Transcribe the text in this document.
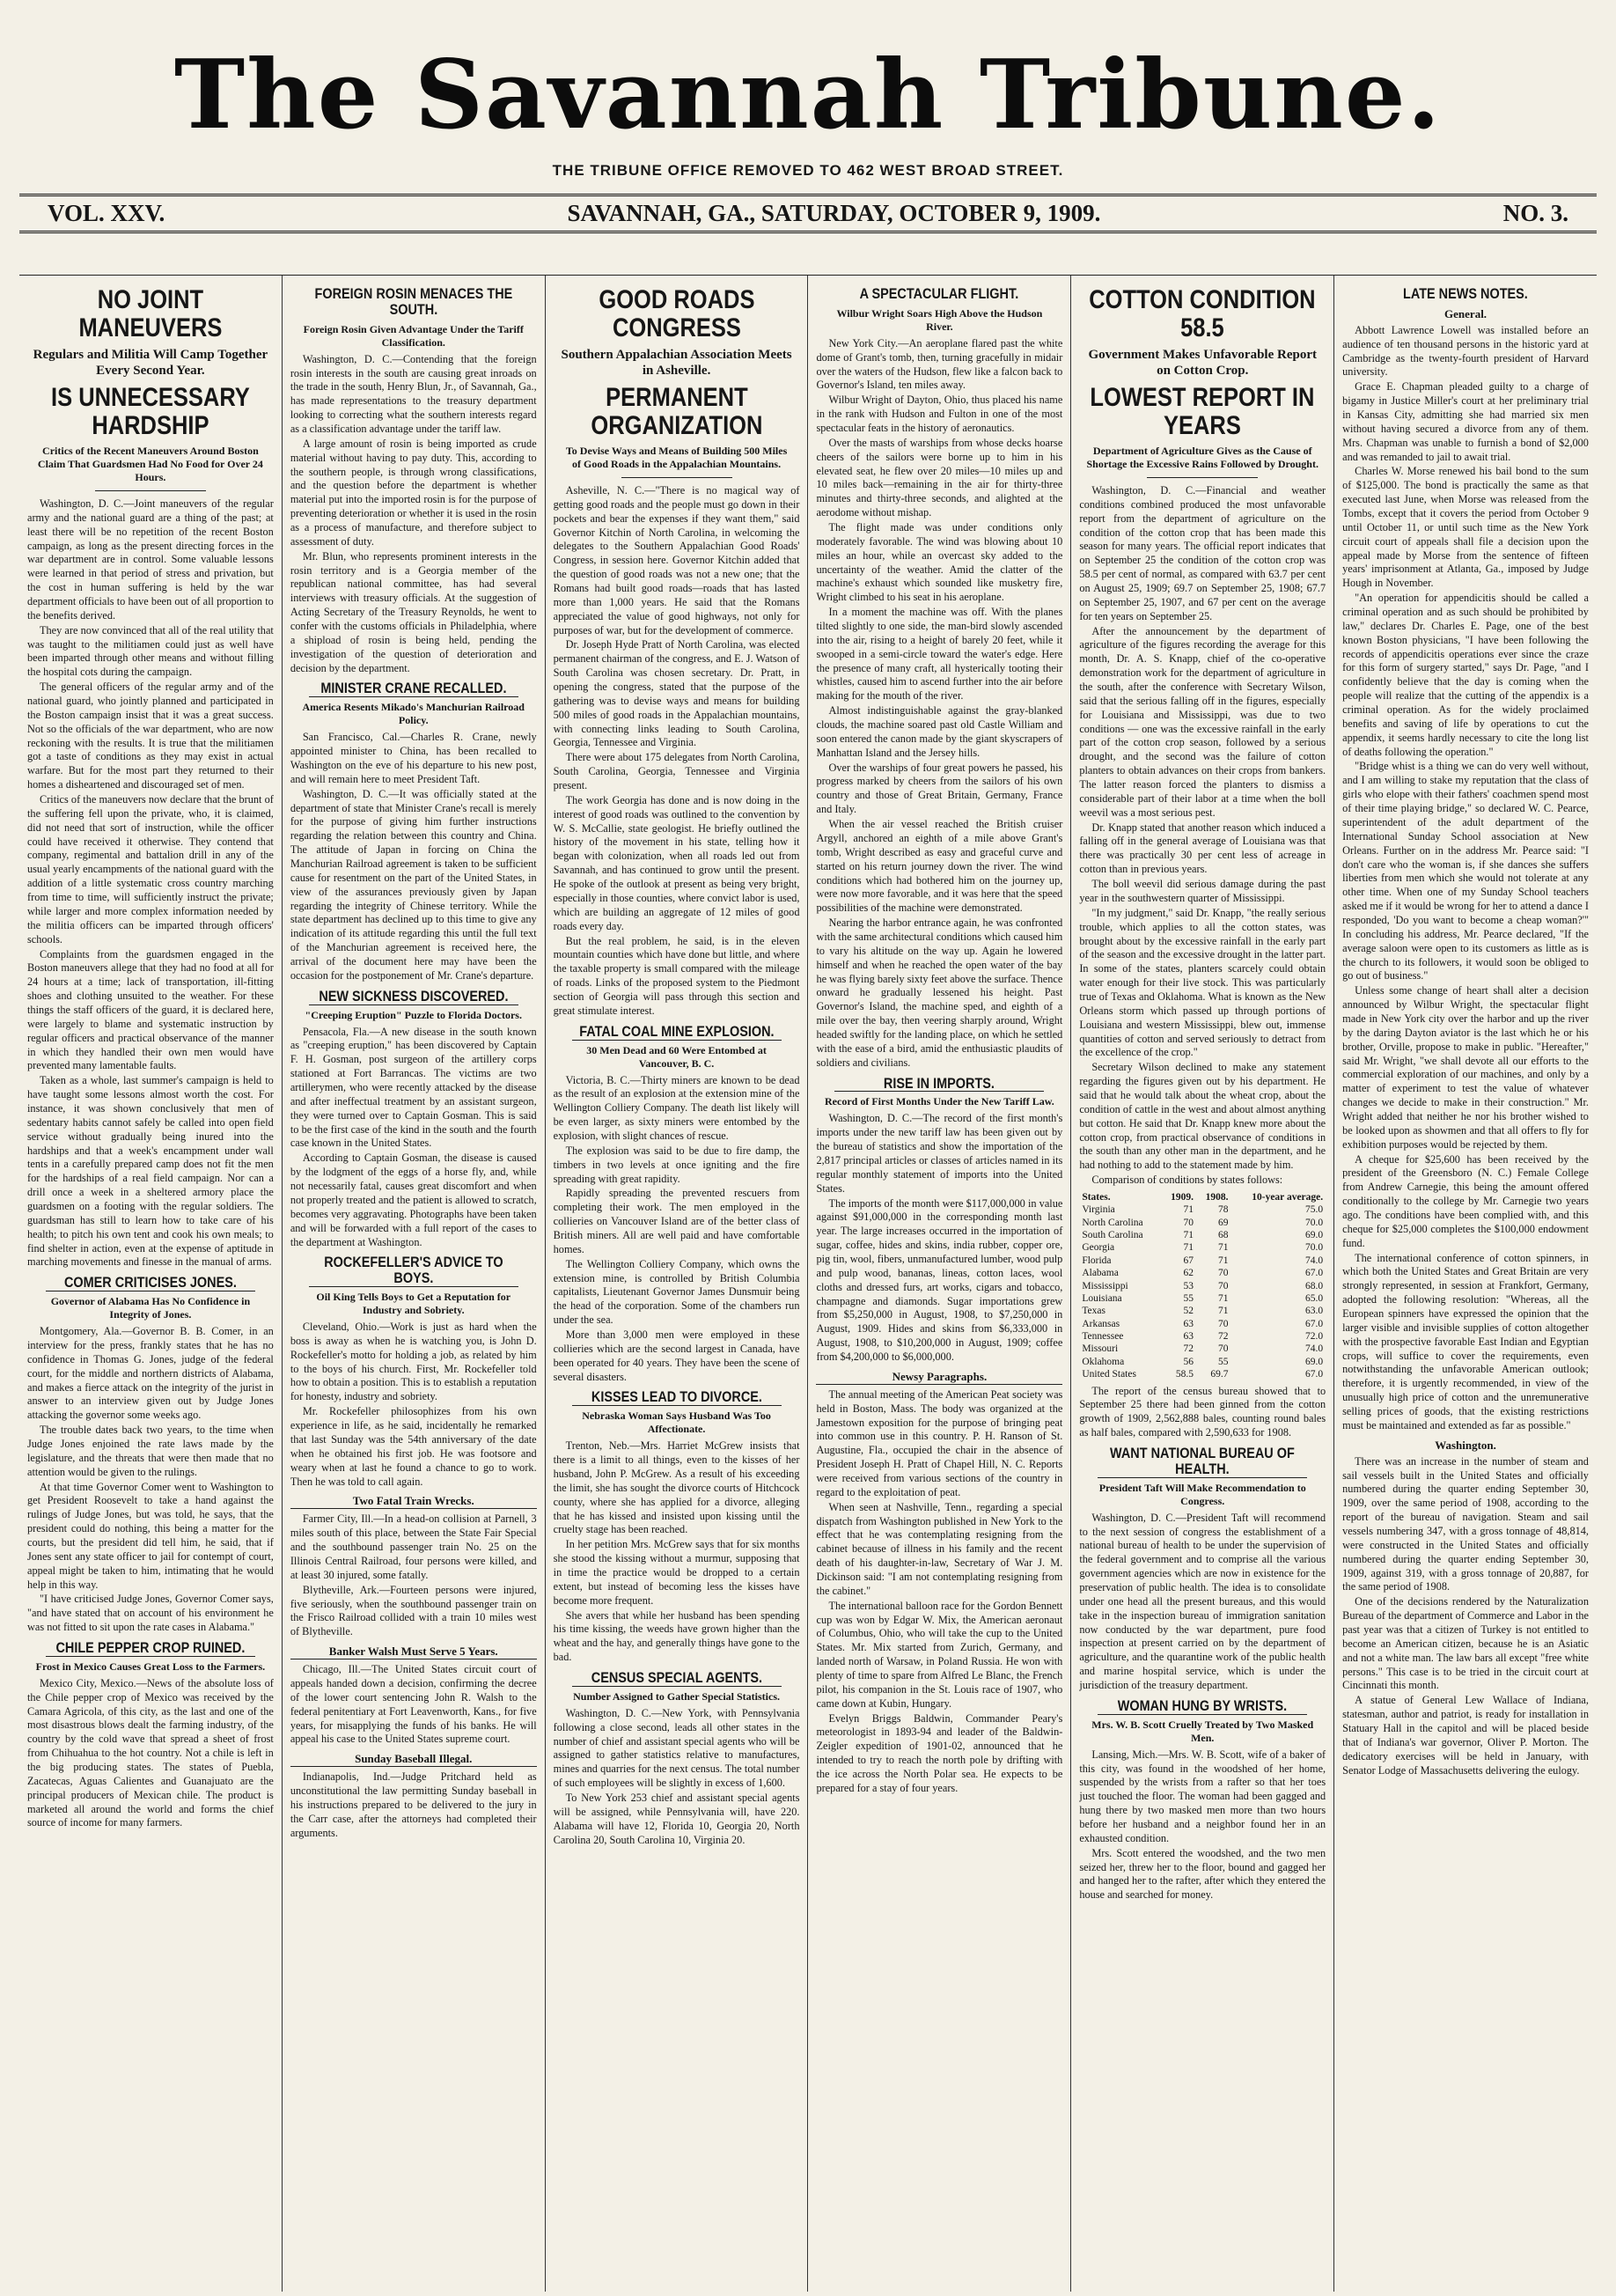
The Savannah Tribune.
THE TRIBUNE OFFICE REMOVED TO 462 WEST BROAD STREET.
VOL. XXV.	SAVANNAH, GA., SATURDAY, OCTOBER 9, 1909.	NO. 3.
NO JOINT MANEUVERS
Regulars and Militia Will Camp Together Every Second Year.
IS UNNECESSARY HARDSHIP
Critics of the Recent Maneuvers Around Boston Claim That Guardsmen Had No Food for Over 24 Hours.

Washington, D. C.—Joint maneuvers of the regular army and the national guard are a thing of the past; at least there will be no repetition of the recent Boston campaign, as long as the present directing forces in the war department are in control. Some valuable lessons were learned in that period of stress and privation, but the cost in human suffering is held by the war department officials to have been out of all proportion to the benefits derived.

They are now convinced that all of the real utility that was taught to the militiamen could just as well have been imparted through other means and without filling the hospital cots during the campaign.

The general officers of the regular army and of the national guard, who jointly planned and participated in the Boston campaign insist that it was a great success. Not so the officials of the war department, who are now reckoning with the results. It is true that the militiamen got a taste of conditions as they may exist in actual warfare. But for the most part they returned to their homes a disheartened and discouraged set of men.

Critics of the maneuvers now declare that the brunt of the suffering fell upon the private, who, it is claimed, did not need that sort of instruction, while the officer could have received it otherwise. They contend that company, regimental and battalion drill in any of the usual yearly encampments of the national guard with the addition of a little systematic cross country marching from time to time, will sufficiently instruct the private; while larger and more complex information needed by the militia officers can be imparted through officers' schools.

Complaints from the guardsmen engaged in the Boston maneuvers allege that they had no food at all for 24 hours at a time; lack of transportation, ill-fitting shoes and clothing unsuited to the weather. For these things the staff officers of the guard, it is declared here, were largely to blame and systematic instruction by regular officers and practical observance of the manner in which they handled their own men would have prevented many lamentable faults.

Taken as a whole, last summer's campaign is held to have taught some lessons almost worth the cost. For instance, it was shown conclusively that men of sedentary habits cannot safely be called into open field service without gradually being inured into the hardships and that a week's encampment under wall tents in a carefully prepared camp does not fit the men for the hardships of a real field campaign. Nor can a drill once a week in a sheltered armory place the guardsmen on a footing with the regular soldiers. The guardsman has still to learn how to take care of his health; to pitch his own tent and cook his own meals; to find shelter in action, even at the expense of aptitude in marching movements and finesse in the manual of arms.

COMER CRITICISES JONES.
Governor of Alabama Has No Confidence in Integrity of Jones.

Montgomery, Ala.—Governor B. B. Comer, in an interview for the press, frankly states that he has no confidence in Thomas G. Jones, judge of the federal court, for the middle and northern districts of Alabama, and makes a fierce attack on the integrity of the jurist in answer to an interview given out by Judge Jones attacking the governor some weeks ago.

The trouble dates back two years, to the time when Judge Jones enjoined the rate laws made by the legislature, and the threats that were then made that no attention would be given to the rulings.

At that time Governor Comer went to Washington to get President Roosevelt to take a hand against the rulings of Judge Jones, but was told, he says, that the president could do nothing, this being a matter for the courts, but the president did tell him, he said, that if Jones sent any state officer to jail for contempt of court, appeal might be taken to him, intimating that he would help in this way.

"I have criticised Judge Jones, Governor Comer says, "and have stated that on account of his environment he was not fitted to sit upon the rate cases in Alabama."

CHILE PEPPER CROP RUINED.
Frost in Mexico Causes Great Loss to the Farmers.

Mexico City, Mexico.—News of the absolute loss of the Chile pepper crop of Mexico was received by the Camara Agricola, of this city, as the last and one of the most disastrous blows dealt the farming industry, of the country by the cold wave that spread a sheet of frost from Chihuahua to the hot country. Not a chile is left in the big producing states. The states of Puebla, Zacatecas, Aguas Calientes and Guanajuato are the principal producers of Mexican chile. The product is marketed all around the world and forms the chief source of income for many farmers.

FOREIGN ROSIN MENACES THE SOUTH.
Foreign Rosin Given Advantage Under the Tariff Classification.

Washington, D. C.—Contending that the foreign rosin interests in the south are causing great inroads on the trade in the south, Henry Blun, Jr., of Savannah, Ga., has made representations to the treasury department looking to correcting what the southern interests regard as a classification advantage under the tariff law.

A large amount of rosin is being imported as crude material without having to pay duty. This, according to the southern people, is through wrong classifications, and the question before the department is whether material put into the imported rosin is for the purpose of preventing deterioration or whether it is used in the rosin as a process of manufacture, and therefore subject to assessment of duty.

Mr. Blun, who represents prominent interests in the rosin territory and is a Georgia member of the republican national committee, has had several interviews with treasury officials. At the suggestion of Acting Secretary of the Treasury Reynolds, he went to confer with the customs officials in Philadelphia, where a shipload of rosin is being held, pending the investigation of the question of deterioration and decision by the department.

MINISTER CRANE RECALLED.
America Resents Mikado's Manchurian Railroad Policy.

San Francisco, Cal.—Charles R. Crane, newly appointed minister to China, has been recalled to Washington on the eve of his departure to his new post, and will remain here to meet President Taft.

Washington, D. C.—It was officially stated at the department of state that Minister Crane's recall is merely for the purpose of giving him further instructions regarding the relation between this country and China. The attitude of Japan in forcing on China the Manchurian Railroad agreement is taken to be sufficient cause for resentment on the part of the United States, in view of the assurances previously given by Japan regarding the integrity of Chinese territory. While the state department has declined up to this time to give any indication of its attitude regarding this until the full text of the Manchurian agreement is received here, the arrival of the document here may have been the occasion for the postponement of Mr. Crane's departure.

NEW SICKNESS DISCOVERED.
"Creeping Eruption" Puzzle to Florida Doctors.

Pensacola, Fla.—A new disease in the south known as "creeping eruption," has been discovered by Captain F. H. Gosman, post surgeon of the artillery corps stationed at Fort Barrancas. The victims are two artillerymen, who were recently attacked by the disease and after ineffectual treatment by an assistant surgeon, they were turned over to Captain Gosman. This is said to be the first case of the kind in the south and the fourth case known in the United States.

According to Captain Gosman, the disease is caused by the lodgment of the eggs of a horse fly, and, while not necessarily fatal, causes great discomfort and when not properly treated and the patient is allowed to scratch, becomes very aggravating. Photographs have been taken and will be forwarded with a full report of the cases to the department at Washington.

ROCKEFELLER'S ADVICE TO BOYS.
Oil King Tells Boys to Get a Reputation for Industry and Sobriety.

Cleveland, Ohio.—Work is just as hard when the boss is away as when he is watching you, is John D. Rockefeller's motto for holding a job, as related by him to the boys of his church. First, Mr. Rockefeller told how to obtain a position. This is to establish a reputation for honesty, industry and sobriety.

Mr. Rockefeller philosophizes from his own experience in life, as he said, incidentally he remarked that last Sunday was the 54th anniversary of the date when he obtained his first job. He was footsore and weary when at last he found a chance to go to work. Then he was told to call again.

Two Fatal Train Wrecks.

Farmer City, Ill.—In a head-on collision at Parnell, 3 miles south of this place, between the State Fair Special and the southbound passenger train No. 25 on the Illinois Central Railroad, four persons were killed, and at least 30 injured, some fatally.

Blytheville, Ark.—Fourteen persons were injured, five seriously, when the southbound passenger train on the Frisco Railroad collided with a train 10 miles west of Blytheville.

Banker Walsh Must Serve 5 Years.

Chicago, Ill.—The United States circuit court of appeals handed down a decision, confirming the decree of the lower court sentencing John R. Walsh to the federal penitentiary at Fort Leavenworth, Kans., for five years, for misapplying the funds of his banks. He will appeal his case to the United States supreme court.

Sunday Baseball Illegal.

Indianapolis, Ind.—Judge Pritchard held as unconstitutional the law permitting Sunday baseball in his instructions prepared to be delivered to the jury in the Carr case, after the attorneys had completed their arguments.

GOOD ROADS CONGRESS
Southern Appalachian Association Meets in Asheville.
PERMANENT ORGANIZATION
To Devise Ways and Means of Building 500 Miles of Good Roads in the Appalachian Mountains.

Asheville, N. C.—"There is no magical way of getting good roads and the people must go down in their pockets and bear the expenses if they want them," said Governor Kitchin of North Carolina, in welcoming the delegates to the Southern Appalachian Good Roads' Congress, in session here. Governor Kitchin added that the question of good roads was not a new one; that the Romans had built good roads—roads that has lasted more than 1,000 years. He said that the Romans appreciated the value of good highways, not only for purposes of war, but for the development of commerce.

Dr. Joseph Hyde Pratt of North Carolina, was elected permanent chairman of the congress, and E. J. Watson of South Carolina was chosen secretary. Dr. Pratt, in opening the congress, stated that the purpose of the gathering was to devise ways and means for building 500 miles of good roads in the Appalachian mountains, with connecting links leading to South Carolina, Georgia, Tennessee and Virginia.

There were about 175 delegates from North Carolina, South Carolina, Georgia, Tennessee and Virginia present.

The work Georgia has done and is now doing in the interest of good roads was outlined to the convention by W. S. McCallie, state geologist. He briefly outlined the history of the movement in his state, telling how it began with colonization, when all roads led out from Savannah, and has continued to grow until the present. He spoke of the outlook at present as being very bright, especially in those counties, where convict labor is used, which are building an aggregate of 12 miles of good roads every day.

But the real problem, he said, is in the eleven mountain counties which have done but little, and where the taxable property is small compared with the mileage of roads. Links of the proposed system to the Piedmont section of Georgia will pass through this section and great stimulate interest.

FATAL COAL MINE EXPLOSION.
30 Men Dead and 60 Were Entombed at Vancouver, B. C.

Victoria, B. C.—Thirty miners are known to be dead as the result of an explosion at the extension mine of the Wellington Colliery Company. The death list likely will be even larger, as sixty miners were entombed by the explosion, with slight chances of rescue.

The explosion was said to be due to fire damp, the timbers in two levels at once igniting and the fire spreading with great rapidity.

Rapidly spreading the prevented rescuers from completing their work. The men employed in the collieries on Vancouver Island are of the better class of British miners. All are well paid and have comfortable homes.

The Wellington Colliery Company, which owns the extension mine, is controlled by British Columbia capitalists, Lieutenant Governor James Dunsmuir being the head of the corporation. Some of the chambers run under the sea.

More than 3,000 men were employed in these collieries which are the second largest in Canada, have been operated for 40 years. They have been the scene of several disasters.

KISSES LEAD TO DIVORCE.
Nebraska Woman Says Husband Was Too Affectionate.

Trenton, Neb.—Mrs. Harriet McGrew insists that there is a limit to all things, even to the kisses of her husband, John P. McGrew. As a result of his exceeding the limit, she has sought the divorce courts of Hitchcock county, where she has applied for a divorce, alleging that he has kissed and insisted upon kissing until the cruelty stage has been reached.

In her petition Mrs. McGrew says that for six months she stood the kissing without a murmur, supposing that in time the practice would be dropped to a certain extent, but instead of becoming less the kisses have become more frequent.

She avers that while her husband has been spending his time kissing, the weeds have grown higher than the wheat and the hay, and generally things have gone to the bad.

CENSUS SPECIAL AGENTS.
Number Assigned to Gather Special Statistics.

Washington, D. C.—New York, with Pennsylvania following a close second, leads all other states in the number of chief and assistant special agents who will be assigned to gather statistics relative to manufactures, mines and quarries for the next census. The total number of such employees will be slightly in excess of 1,600.

To New York 253 chief and assistant special agents will be assigned, while Pennsylvania will, have 220. Alabama will have 12, Florida 10, Georgia 20, North Carolina 20, South Carolina 10, Virginia 20.

A SPECTACULAR FLIGHT.
Wilbur Wright Soars High Above the Hudson River.

New York City.—An aeroplane flared past the white dome of Grant's tomb, then, turning gracefully in midair over the waters of the Hudson, flew like a falcon back to Governor's Island, ten miles away.

Wilbur Wright of Dayton, Ohio, thus placed his name in the rank with Hudson and Fulton in one of the most spectacular feats in the history of aeronautics.

Over the masts of warships from whose decks hoarse cheers of the sailors were borne up to him in his elevated seat, he flew over 20 miles—10 miles up and 10 miles back—remaining in the air for thirty-three minutes and thirty-three seconds, and alighted at the aerodome without mishap.

The flight made was under conditions only moderately favorable. The wind was blowing about 10 miles an hour, while an overcast sky added to the uncertainty of the weather. Amid the clatter of the machine's exhaust which sounded like musketry fire, Wright climbed to his seat in his aeroplane.

In a moment the machine was off. With the planes tilted slightly to one side, the man-bird slowly ascended into the air, rising to a height of barely 20 feet, while it swooped in a semi-circle toward the water's edge. Here the presence of many craft, all hysterically tooting their whistles, caused him to ascend further into the air before making for the mouth of the river.

Almost indistinguishable against the gray-blanked clouds, the machine soared past old Castle William and soon entered the canon made by the giant skyscrapers of Manhattan Island and the Jersey hills.

Over the warships of four great powers he passed, his progress marked by cheers from the sailors of his own country and those of Great Britain, Germany, France and Italy.

When the air vessel reached the British cruiser Argyll, anchored an eighth of a mile above Grant's tomb, Wright described as easy and graceful curve and started on his return journey down the river. The wind conditions which had bothered him on the journey up, were now more favorable, and it was here that the speed possibilities of the machine were demonstrated.

Nearing the harbor entrance again, he was confronted with the same architectural conditions which caused him to vary his altitude on the way up. Again he lowered himself and when he reached the open water of the bay he was flying barely sixty feet above the surface. Thence onward he gradually lessened his height. Past Governor's Island, the machine sped, and eighth of a mile over the bay, then veering sharply around, Wright headed swiftly for the landing place, on which he settled with the ease of a bird, amid the enthusiastic plaudits of soldiers and civilians.

RISE IN IMPORTS.
Record of First Months Under the New Tariff Law.

Washington, D. C.—The record of the first month's imports under the new tariff law has been given out by the bureau of statistics and show the importation of the 2,817 principal articles or classes of articles named in its regular monthly statement of imports into the United States.

The imports of the month were $117,000,000 in value against $91,000,000 in the corresponding month last year. The large increases occurred in the importation of sugar, coffee, hides and skins, india rubber, copper ore, pig tin, wool, fibers, unmanufactured lumber, wood pulp and pulp wood, bananas, lineas, cotton laces, wool cloths and dressed furs, art works, cigars and tobacco, champagne and diamonds. Sugar importations grew from $5,250,000 in August, 1908, to $7,250,000 in August, 1909. Hides and skins from $6,333,000 in August, 1908, to $10,200,000 in August, 1909; coffee from $4,200,000 to $6,000,000.

Newsy Paragraphs.

The annual meeting of the American Peat society was held in Boston, Mass. The body was organized at the Jamestown exposition for the purpose of bringing peat into common use in this country. P. H. Ranson of St. Augustine, Fla., occupied the chair in the absence of President Joseph H. Pratt of Chapel Hill, N. C. Reports were received from various sections of the country in regard to the exploitation of peat.

When seen at Nashville, Tenn., regarding a special dispatch from Washington published in New York to the effect that he was contemplating resigning from the cabinet because of illness in his family and the recent death of his daughter-in-law, Secretary of War J. M. Dickinson said: "I am not contemplating resigning from the cabinet."

The international balloon race for the Gordon Bennett cup was won by Edgar W. Mix, the American aeronaut of Columbus, Ohio, who will take the cup to the United States. Mr. Mix started from Zurich, Germany, and landed north of Warsaw, in Poland Russia. He won with plenty of time to spare from Alfred Le Blanc, the French pilot, his companion in the St. Louis race of 1907, who came down at Kubin, Hungary.

Evelyn Briggs Baldwin, Commander Peary's meteorologist in 1893-94 and leader of the Baldwin-Zeigler expedition of 1901-02, announced that he intended to try to reach the north pole by drifting with the ice across the North Polar sea. He expects to be prepared for a stay of four years.

COTTON CONDITION 58.5
Government Makes Unfavorable Report on Cotton Crop.
LOWEST REPORT IN YEARS
Department of Agriculture Gives as the Cause of Shortage the Excessive Rains Followed by Drought.

Washington, D. C.—Financial and weather conditions combined produced the most unfavorable report from the department of agriculture on the condition of the cotton crop that has been made this season for many years. The official report indicates that on September 25 the condition of the cotton crop was 58.5 per cent of normal, as compared with 63.7 per cent on August 25, 1909; 69.7 on September 25, 1908; 67.7 on September 25, 1907, and 67 per cent on the average for ten years on September 25.

After the announcement by the department of agriculture of the figures recording the average for this month, Dr. A. S. Knapp, chief of the co-operative demonstration work for the department of agriculture in the south, after the conference with Secretary Wilson, said that the serious falling off in the figures, especially for Louisiana and Mississippi, was due to two conditions — one was the excessive rainfall in the early part of the cotton crop season, followed by a serious drought, and the second was the failure of cotton planters to obtain advances on their crops from bankers. The latter reason forced the planters to dismiss a considerable part of their labor at a time when the boll weevil was a most serious pest.

Dr. Knapp stated that another reason which induced a falling off in the general average of Louisiana was that there was practically 30 per cent less of acreage in cotton than in previous years.

The boll weevil did serious damage during the past year in the southwestern quarter of Mississippi.

"In my judgment," said Dr. Knapp, "the really serious trouble, which applies to all the cotton states, was brought about by the excessive rainfall in the early part of the season and the excessive drought in the latter part. In some of the states, planters scarcely could obtain water enough for their live stock. This was particularly true of Texas and Oklahoma. What is known as the New Orleans storm which passed up through portions of Louisiana and western Mississippi, blew out, immense quantities of cotton and served seriously to detract from the excellence of the crop."

Secretary Wilson declined to make any statement regarding the figures given out by his department. He said that he would talk about the wheat crop, about the condition of cattle in the west and about almost anything but cotton. He said that Dr. Knapp knew more about the cotton crop, from practical observance of conditions in the south than any other man in the department, and he had nothing to add to the statement made by him.

Comparison of conditions by states follows:

States.	1909.	1908.	10-year average.
Virginia	71	78	75.0
North Carolina	70	69	70.0
South Carolina	71	68	69.0
Georgia	71	71	70.0
Florida	67	71	74.0
Alabama	62	70	67.0
Mississippi	53	70	68.0
Louisiana	55	71	65.0
Texas	52	71	63.0
Arkansas	63	70	67.0
Tennessee	63	72	72.0
Missouri	72	70	74.0
Oklahoma	56	55	69.0
United States	58.5	69.7	67.0

The report of the census bureau showed that to September 25 there had been ginned from the cotton growth of 1909, 2,562,888 bales, counting round bales as half bales, compared with 2,590,633 for 1908.

WANT NATIONAL BUREAU OF HEALTH.
President Taft Will Make Recommendation to Congress.

Washington, D. C.—President Taft will recommend to the next session of congress the establishment of a national bureau of health to be under the supervision of the federal government and to comprise all the various government agencies which are now in existence for the preservation of public health. The idea is to consolidate under one head all the present bureaus, and this would take in the inspection bureau of immigration sanitation now conducted by the war department, pure food inspection at present carried on by the department of agriculture, and the quarantine work of the public health and marine hospital service, which is under the jurisdiction of the treasury department.

WOMAN HUNG BY WRISTS.
Mrs. W. B. Scott Cruelly Treated by Two Masked Men.

Lansing, Mich.—Mrs. W. B. Scott, wife of a baker of this city, was found in the woodshed of her home, suspended by the wrists from a rafter so that her toes just touched the floor. The woman had been gagged and hung there by two masked men more than two hours before her husband and a neighbor found her in an exhausted condition.

Mrs. Scott entered the woodshed, and the two men seized her, threw her to the floor, bound and gagged her and hanged her to the rafter, after which they entered the house and searched for money.

LATE NEWS NOTES.
General.

Abbott Lawrence Lowell was installed before an audience of ten thousand persons in the historic yard at Cambridge as the twenty-fourth president of Harvard university.

Grace E. Chapman pleaded guilty to a charge of bigamy in Justice Miller's court at her preliminary trial in Kansas City, admitting she had married six men without having secured a divorce from any of them. Mrs. Chapman was unable to furnish a bond of $2,000 and was remanded to jail to await trial.

Charles W. Morse renewed his bail bond to the sum of $125,000. The bond is practically the same as that executed last June, when Morse was released from the Tombs, except that it covers the period from October 9 until October 11, or until such time as the New York circuit court of appeals shall file a decision upon the appeal made by Morse from the sentence of fifteen years' imprisonment at Atlanta, Ga., imposed by Judge Hough in November.

"An operation for appendicitis should be called a criminal operation and as such should be prohibited by law," declares Dr. Charles E. Page, one of the best known Boston physicians, "I have been following the records of appendicitis operations ever since the craze for this form of surgery started," says Dr. Page, "and I confidently believe that the day is coming when the people will realize that the cutting of the appendix is a criminal operation. As for the widely proclaimed benefits and saving of life by operations to cut the appendix, it seems hardly necessary to cite the long list of deaths following the operation."

"Bridge whist is a thing we can do very well without, and I am willing to stake my reputation that the class of girls who elope with their fathers' coachmen spend most of their time playing bridge," so declared W. C. Pearce, superintendent of the adult department of the International Sunday School association at New Orleans. Further on in the address Mr. Pearce said: "I don't care who the woman is, if she dances she suffers liberties from men which she would not tolerate at any other time. When one of my Sunday School teachers asked me if it would be wrong for her to attend a dance I responded, 'Do you want to become a cheap woman?'" In concluding his address, Mr. Pearce declared, "If the average saloon were open to its customers as little as is the church to its followers, it would soon be obliged to go out of business."

Unless some change of heart shall alter a decision announced by Wilbur Wright, the spectacular flight made in New York city over the harbor and up the river by the daring Dayton aviator is the last which he or his brother, Orville, propose to make in public. "Hereafter," said Mr. Wright, "we shall devote all our efforts to the commercial exploration of our machines, and only by a matter of experiment to test the value of whatever changes we decide to make in their construction." Mr. Wright added that neither he nor his brother wished to be looked upon as showmen and that all offers to fly for exhibition purposes would be rejected by them.

A cheque for $25,600 has been received by the president of the Greensboro (N. C.) Female College from Andrew Carnegie, this being the amount offered conditionally to the college by Mr. Carnegie two years ago. The conditions have been complied with, and this cheque for $25,000 completes the $100,000 endowment fund.

The international conference of cotton spinners, in which both the United States and Great Britain are very strongly represented, in session at Frankfort, Germany, adopted the following resolution: "Whereas, all the European spinners have expressed the opinion that the larger visible and invisible supplies of cotton altogether with the prospective favorable East Indian and Egyptian crops, will suffice to cover the requirements, even notwithstanding the unfavorable American outlook; therefore, it is urgently recommended, in view of the unusually high price of cotton and the unremunerative selling prices of goods, that the existing restrictions must be maintained and extended as far as possible."

Washington.

There was an increase in the number of steam and sail vessels built in the United States and officially numbered during the quarter ending September 30, 1909, over the same period of 1908, according to the report of the bureau of navigation. Steam and sail vessels numbering 347, with a gross tonnage of 48,814, were constructed in the United States and officially numbered during the quarter ending September 30, 1909, against 319, with a gross tonnage of 20,887, for the same period of 1908.

One of the decisions rendered by the Naturalization Bureau of the department of Commerce and Labor in the past year was that a citizen of Turkey is not entitled to become an American citizen, because he is an Asiatic and not a white man. The law bars all except "free white persons." This case is to be tried in the circuit court at Cincinnati this month.

A statue of General Lew Wallace of Indiana, statesman, author and patriot, is ready for installation in Statuary Hall in the capitol and will be placed beside that of Indiana's war governor, Oliver P. Morton. The dedicatory exercises will be held in January, with Senator Lodge of Massachusetts delivering the eulogy.
